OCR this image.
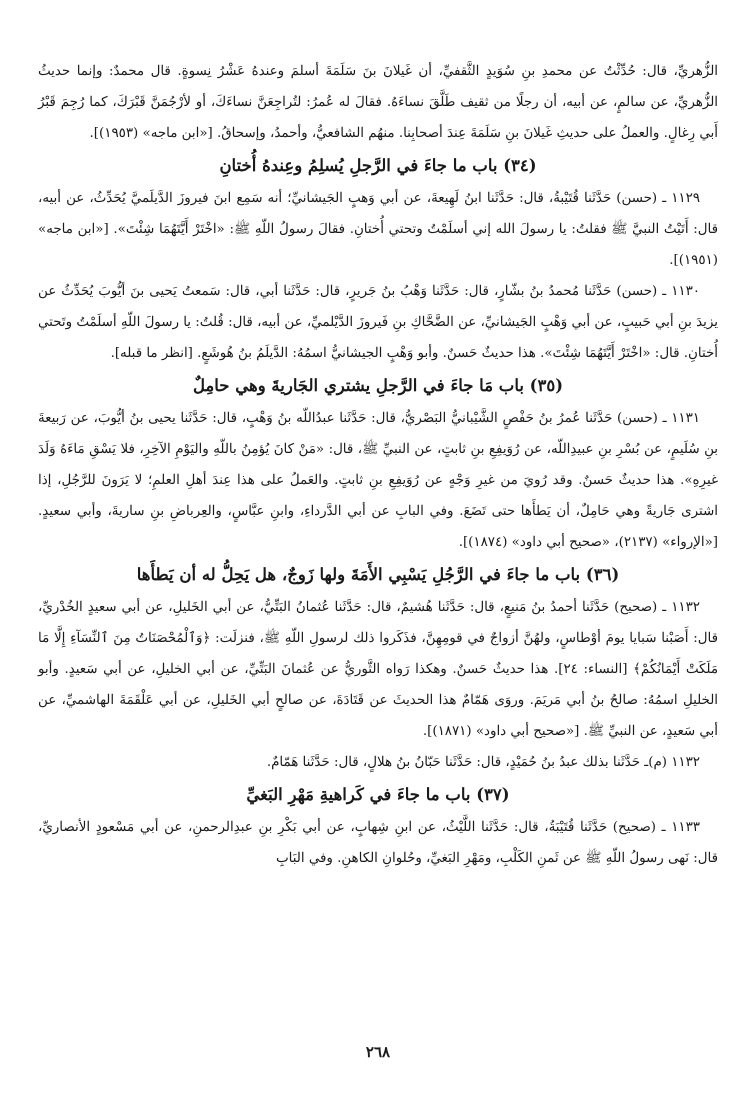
الزُّهريِّ، قال: حُدِّثْتُ عن محمدِ بنِ سُوَيدٍ الثَّقفيِّ، أن غَيلانَ بنَ سَلَمَةَ أسلمَ وعندهُ عَشْرُ نِسوةٍ. قال محمدٌ: وإنما حديثُ الزُّهريِّ، عن سالمٍ، عن أبيه، أن رجلًا من ثقيف طَلَّقَ نساءَهُ. فقالَ له عُمرُ: لتُراجِعَنَّ نساءَكَ، أو لأرْجُمَنَّ قَبْرَكَ، كما رُجِمَ قَبْرُ أَبي رِغالٍ. والعملُ على حديثِ غَيلانَ بنِ سَلَمَةَ عِندَ أصحابِنا. منهُم الشافعيُّ، وأحمدُ، وإسحاقُ. [«ابن ماجه» (١٩٥٣)].

(٣٤) باب ما جاءَ في الرَّجلِ يُسلِمُ وعِندهُ أُختانِ

١١٢٩ ـ (حسن) حَدَّثَنا قُتَيْبةُ، قال: حَدَّثَنا ابنُ لَهِيعةَ، عن أبي وَهبٍ الجَيشانيِّ؛ أنه سَمِع ابنَ فيروزَ الدَّيلَميَّ يُحَدِّثُ، عن أبيه، قال: أَتَيْتُ النبيَّ ﷺ فقلتُ: يا رسولَ الله إني أسلَمْتُ وتحتي أُختانِ. فقالَ رسولُ اللّهِ ﷺ: «اخْتَرْ أَيَّتَهُمَا شِئْتَ». [«ابن ماجه» (١٩٥١)].

١١٣٠ ـ (حسن) حَدَّثَنا مُحمدُ بنُ بشّارٍ، قال: حَدَّثَنا وَهْبُ بنُ جَريرٍ، قال: حَدَّثَنا أبي، قال: سَمعتُ يَحيى بنَ أيُّوبَ يُحَدِّثُ عن يزيدَ بنِ أبي حَبيبٍ، عن أبي وَهْبٍ الجَيشانيِّ، عن الضَّحَّاكِ بنِ فَيروزَ الدَّيْلميِّ، عن أبيه، قال: قُلتُ: يا رسولَ اللّهِ أسلَمْتُ وتَحتي أُختانِ. قال: «اخْتَرْ أَيَّتَهُمَا شِئْتَ». هذا حديثٌ حَسنٌ. وأبو وَهْبٍ الجيشانيُّ اسمُهُ: الدَّيلَمُ بنُ هُوشَعٍ. [انظر ما قبله].

(٣٥) باب مَا جاءَ في الرَّجلِ يشتري الجَاريةَ وهي حامِلٌ

١١٣١ ـ (حسن) حَدَّثَنا عُمرُ بنُ حَفْصٍ الشَّيْبانيُّ البَصْريُّ، قال: حَدَّثَنا عبدُاللّه بنُ وَهْبٍ، قال: حَدَّثَنا يحيى بنُ أيُّوبَ، عن رَبيعةَ بنِ سُلَيمٍ، عن بُسْرِ بنِ عبيدِاللّه، عن رُوَيفِعِ بنِ ثابتٍ، عن النبيِّ ﷺ، قال: «مَنْ كانَ يُؤمِنُ باللّهِ واليَوْمِ الآخِرِ، فلا يَسْقِ مَاءَهُ وَلَدَ غيرِهِ». هذا حديثٌ حَسنٌ. وقد رُويَ من غيرِ وَجْهٍ عن رُوَيفِعِ بنِ ثابتٍ. والعَملُ على هذا عِندَ أهلِ العلمِ؛ لا يَرَونَ للرَّجُلِ، إذا اشترى جَاريةً وهي حَامِلٌ، أن يَطأَها حتى تَضَعَ. وفي البابِ عن أبي الدَّرداءِ، وابنِ عبَّاسٍ، والعِرباضِ بنِ ساريةَ، وأبي سعيدٍ. [«الإرواء» (٢١٣٧)، «صحيح أبي داود» (١٨٧٤)].

(٣٦) باب ما جاءَ في الرَّجُلِ يَسْبِي الأَمَةَ ولها زَوجٌ، هل يَحِلُّ له أن يَطأَها

١١٣٢ ـ (صحيح) حَدَّثَنا أحمدُ بنُ مَنيعٍ، قال: حَدَّثَنا هُشيمٌ، قال: حَدَّثَنا عُثمانُ البَتِّيُّ، عن أبي الخَليلِ، عن أبي سعيدٍ الخُدْريِّ، قال: أَصَبْنا سَبايا يومَ أوْطاسٍ، ولهُنَّ أزواجٌ في قومِهِنَّ، فذَكَروا ذلك لرسولِ اللّهِ ﷺ، فنزلَت: ﴿وَٱلْمُحْصَنَاتُ مِنَ ٱلنِّسَآءِ إِلَّا مَا مَلَكَتْ أَيْمَانُكُمْ﴾ [النساء: ٢٤]. هذا حديثٌ حَسنٌ. وهكذا رَواه الثَّوريُّ عن عُثمانَ البَتِّيِّ، عن أبي الخليلِ، عن أبي سَعيدٍ. وأبو الخليلِ اسمُهُ: صالحُ بنُ أبي مَريَمَ. وروَى هَمّامٌ هذا الحديثَ عن قَتَادَةَ، عن صالحٍ أبي الخَليلِ، عن أبي عَلْقَمَةَ الهاشميِّ، عن أبي سَعيدٍ، عن النبيِّ ﷺ. [«صحيح أبي داود» (١٨٧١)].

١١٣٢ (م)ـ حَدَّثَنا بذلك عبدُ بنُ حُمَيْدٍ، قال: حَدَّثَنا حَبّانُ بنُ هلالٍ، قال: حَدَّثَنا هَمّامٌ.

(٣٧) باب ما جاءَ في كَراهيةِ مَهْرِ البَغيِّ

١١٣٣ ـ (صحيح) حَدَّثَنا قُتَيْبَةُ، قال: حَدَّثَنا اللَّيْثُ، عن ابنِ شِهابٍ، عن أبي بَكْرِ بنِ عبدِالرحمنِ، عن أبي مَسْعودٍ الأنصاريِّ، قال: نَهى رسولُ اللّهِ ﷺ عن ثَمنِ الكَلْبِ، ومَهْرِ البَغيِّ، وحُلوانِ الكاهنِ. وفي البَابِ

٢٦٨
